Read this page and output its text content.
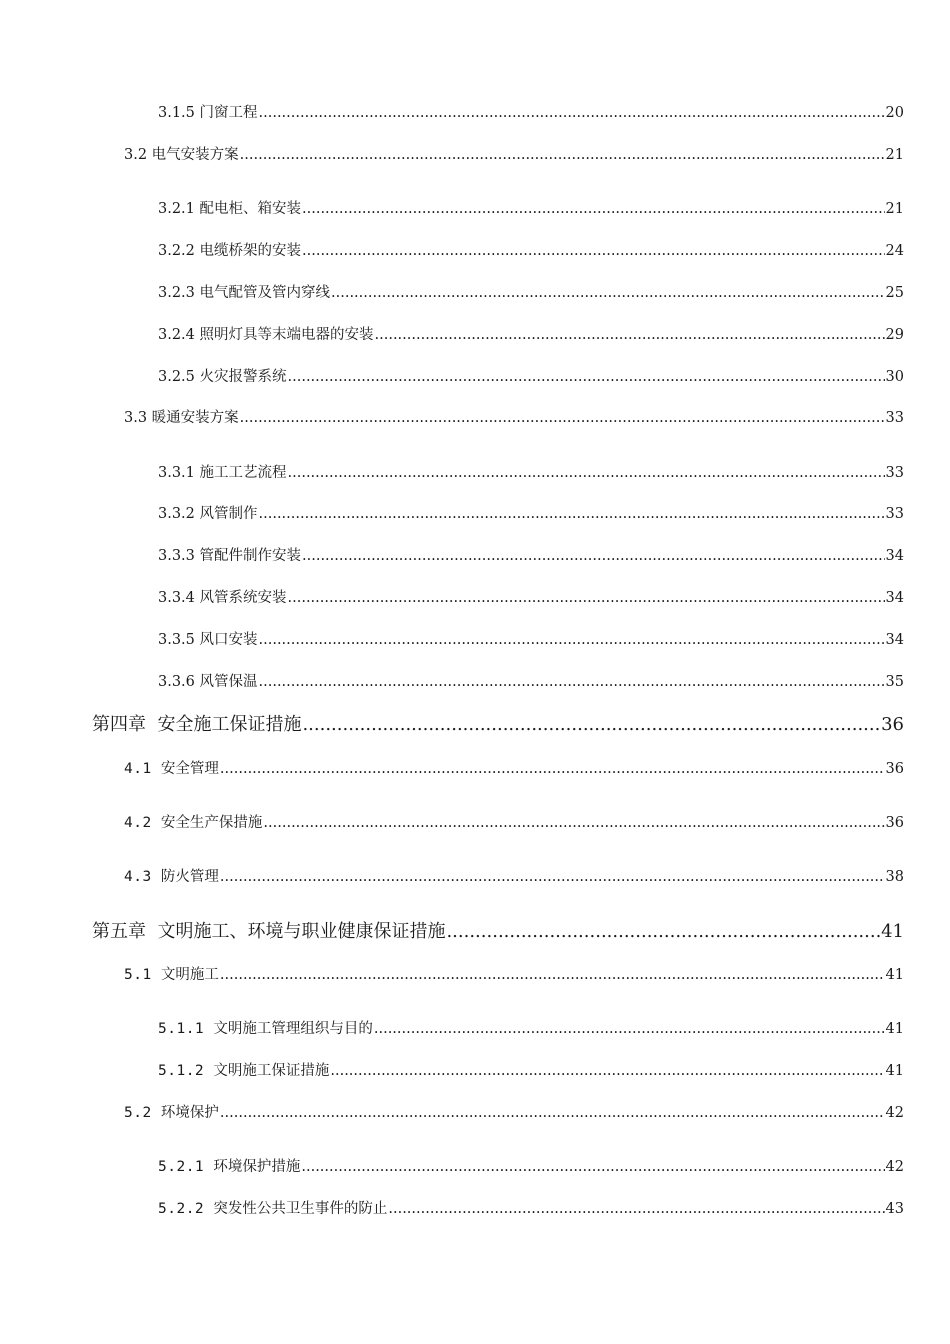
3.1.5 门窗工程 .....	20
3.2 电气安装方案 .....	21
3.2.1 配电柜、箱安装 .....	21
3.2.2 电缆桥架的安装 .....	24
3.2.3 电气配管及管内穿线 .....	25
3.2.4 照明灯具等末端电器的安装 .....	29
3.2.5 火灾报警系统 .....	30
3.3 暖通安装方案 .....	33
3.3.1 施工工艺流程 .....	33
3.3.2 风管制作 .....	33
3.3.3 管配件制作安装 .....	34
3.3.4 风管系统安装 .....	34
3.3.5 风口安装 .....	34
3.3.6 风管保温 .....	35
第四章 安全施工保证措施 .....	36
4.1 安全管理 .....	36
4.2 安全生产保措施 .....	36
4.3 防火管理 .....	38
第五章 文明施工、环境与职业健康保证措施 .....	41
5.1 文明施工 .....	41
5.1.1 文明施工管理组织与目的 .....	41
5.1.2 文明施工保证措施 .....	41
5.2 环境保护 .....	42
5.2.1 环境保护措施 .....	42
5.2.2 突发性公共卫生事件的防止 .....	43
